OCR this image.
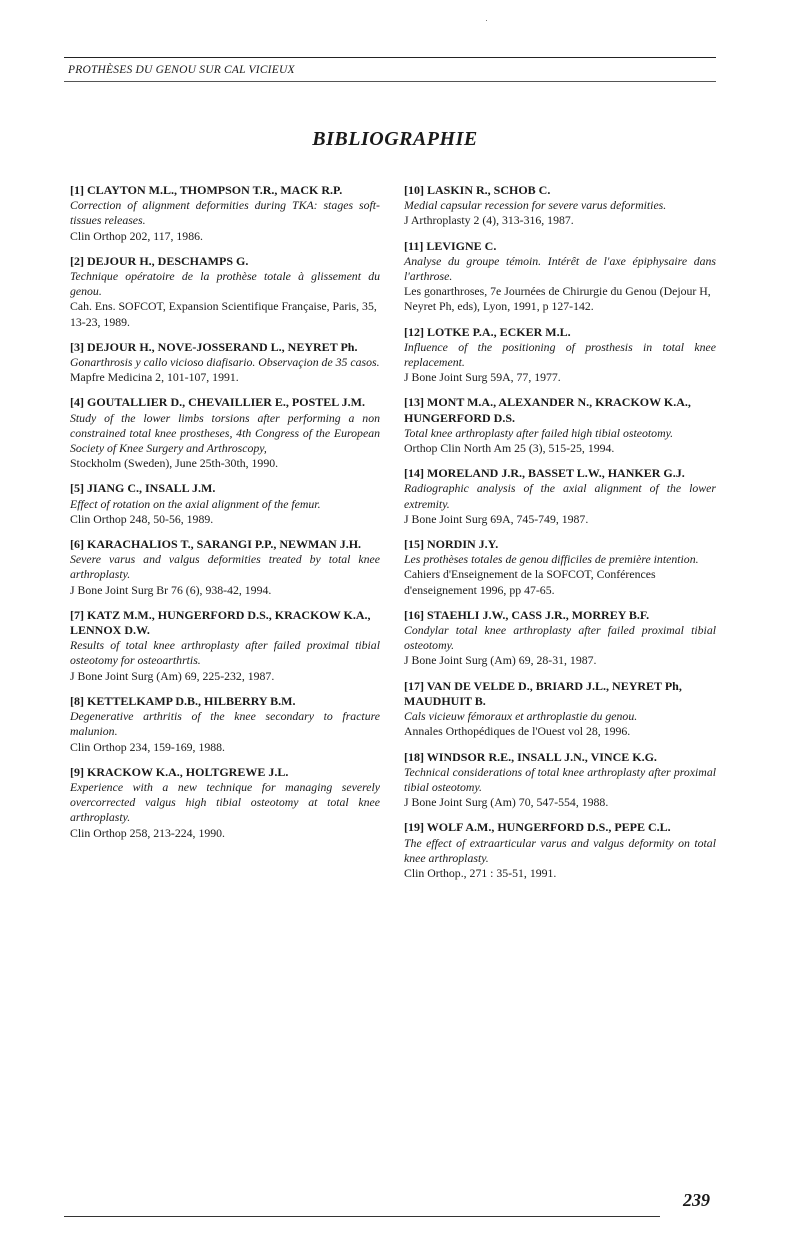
PROTHÈSES DU GENOU SUR CAL VICIEUX
BIBLIOGRAPHIE
[1] CLAYTON M.L., THOMPSON T.R., MACK R.P.
Correction of alignment deformities during TKA: stages soft-tissues releases.
Clin Orthop 202, 117, 1986.
[2] DEJOUR H., DESCHAMPS G.
Technique opératoire de la prothèse totale à glissement du genou.
Cah. Ens. SOFCOT, Expansion Scientifique Française, Paris, 35, 13-23, 1989.
[3] DEJOUR H., NOVE-JOSSERAND L., NEYRET Ph.
Gonarthrosis y callo vicioso diafisario. Observaçion de 35 casos.
Mapfre Medicina 2, 101-107, 1991.
[4] GOUTALLIER D., CHEVAILLIER E., POSTEL J.M.
Study of the lower limbs torsions after performing a non constrained total knee prostheses, 4th Congress of the European Society of Knee Surgery and Arthroscopy,
Stockholm (Sweden), June 25th-30th, 1990.
[5] JIANG C., INSALL J.M.
Effect of rotation on the axial alignment of the femur.
Clin Orthop 248, 50-56, 1989.
[6] KARACHALIOS T., SARANGI P.P., NEWMAN J.H.
Severe varus and valgus deformities treated by total knee arthroplasty.
J Bone Joint Surg Br 76 (6), 938-42, 1994.
[7] KATZ M.M., HUNGERFORD D.S., KRACKOW K.A., LENNOX D.W.
Results of total knee arthroplasty after failed proximal tibial osteotomy for osteoarthrtis.
J Bone Joint Surg (Am) 69, 225-232, 1987.
[8] KETTELKAMP D.B., HILBERRY B.M.
Degenerative arthritis of the knee secondary to fracture malunion.
Clin Orthop 234, 159-169, 1988.
[9] KRACKOW K.A., HOLTGREWE J.L.
Experience with a new technique for managing severely overcorrected valgus high tibial osteotomy at total knee arthroplasty.
Clin Orthop 258, 213-224, 1990.
[10] LASKIN R., SCHOB C.
Medial capsular recession for severe varus deformities.
J Arthroplasty 2 (4), 313-316, 1987.
[11] LEVIGNE C.
Analyse du groupe témoin. Intérêt de l'axe épiphysaire dans l'arthrose.
Les gonarthroses, 7e Journées de Chirurgie du Genou (Dejour H, Neyret Ph, eds), Lyon, 1991, p 127-142.
[12] LOTKE P.A., ECKER M.L.
Influence of the positioning of prosthesis in total knee replacement.
J Bone Joint Surg 59A, 77, 1977.
[13] MONT M.A., ALEXANDER N., KRACKOW K.A., HUNGERFORD D.S.
Total knee arthroplasty after failed high tibial osteotomy.
Orthop Clin North Am 25 (3), 515-25, 1994.
[14] MORELAND J.R., BASSET L.W., HANKER G.J.
Radiographic analysis of the axial alignment of the lower extremity.
J Bone Joint Surg 69A, 745-749, 1987.
[15] NORDIN J.Y.
Les prothèses totales de genou difficiles de première intention.
Cahiers d'Enseignement de la SOFCOT, Conférences d'enseignement 1996, pp 47-65.
[16] STAEHLI J.W., CASS J.R., MORREY B.F.
Condylar total knee arthroplasty after failed proximal tibial osteotomy.
J Bone Joint Surg (Am) 69, 28-31, 1987.
[17] VAN DE VELDE D., BRIARD J.L., NEYRET Ph, MAUDHUIT B.
Cals vicieuw fémoraux et arthroplastie du genou.
Annales Orthopédiques de l'Ouest vol 28, 1996.
[18] WINDSOR R.E., INSALL J.N., VINCE K.G.
Technical considerations of total knee arthroplasty after proximal tibial osteotomy.
J Bone Joint Surg (Am) 70, 547-554, 1988.
[19] WOLF A.M., HUNGERFORD D.S., PEPE C.L.
The effect of extraarticular varus and valgus deformity on total knee arthroplasty.
Clin Orthop., 271 : 35-51, 1991.
239
